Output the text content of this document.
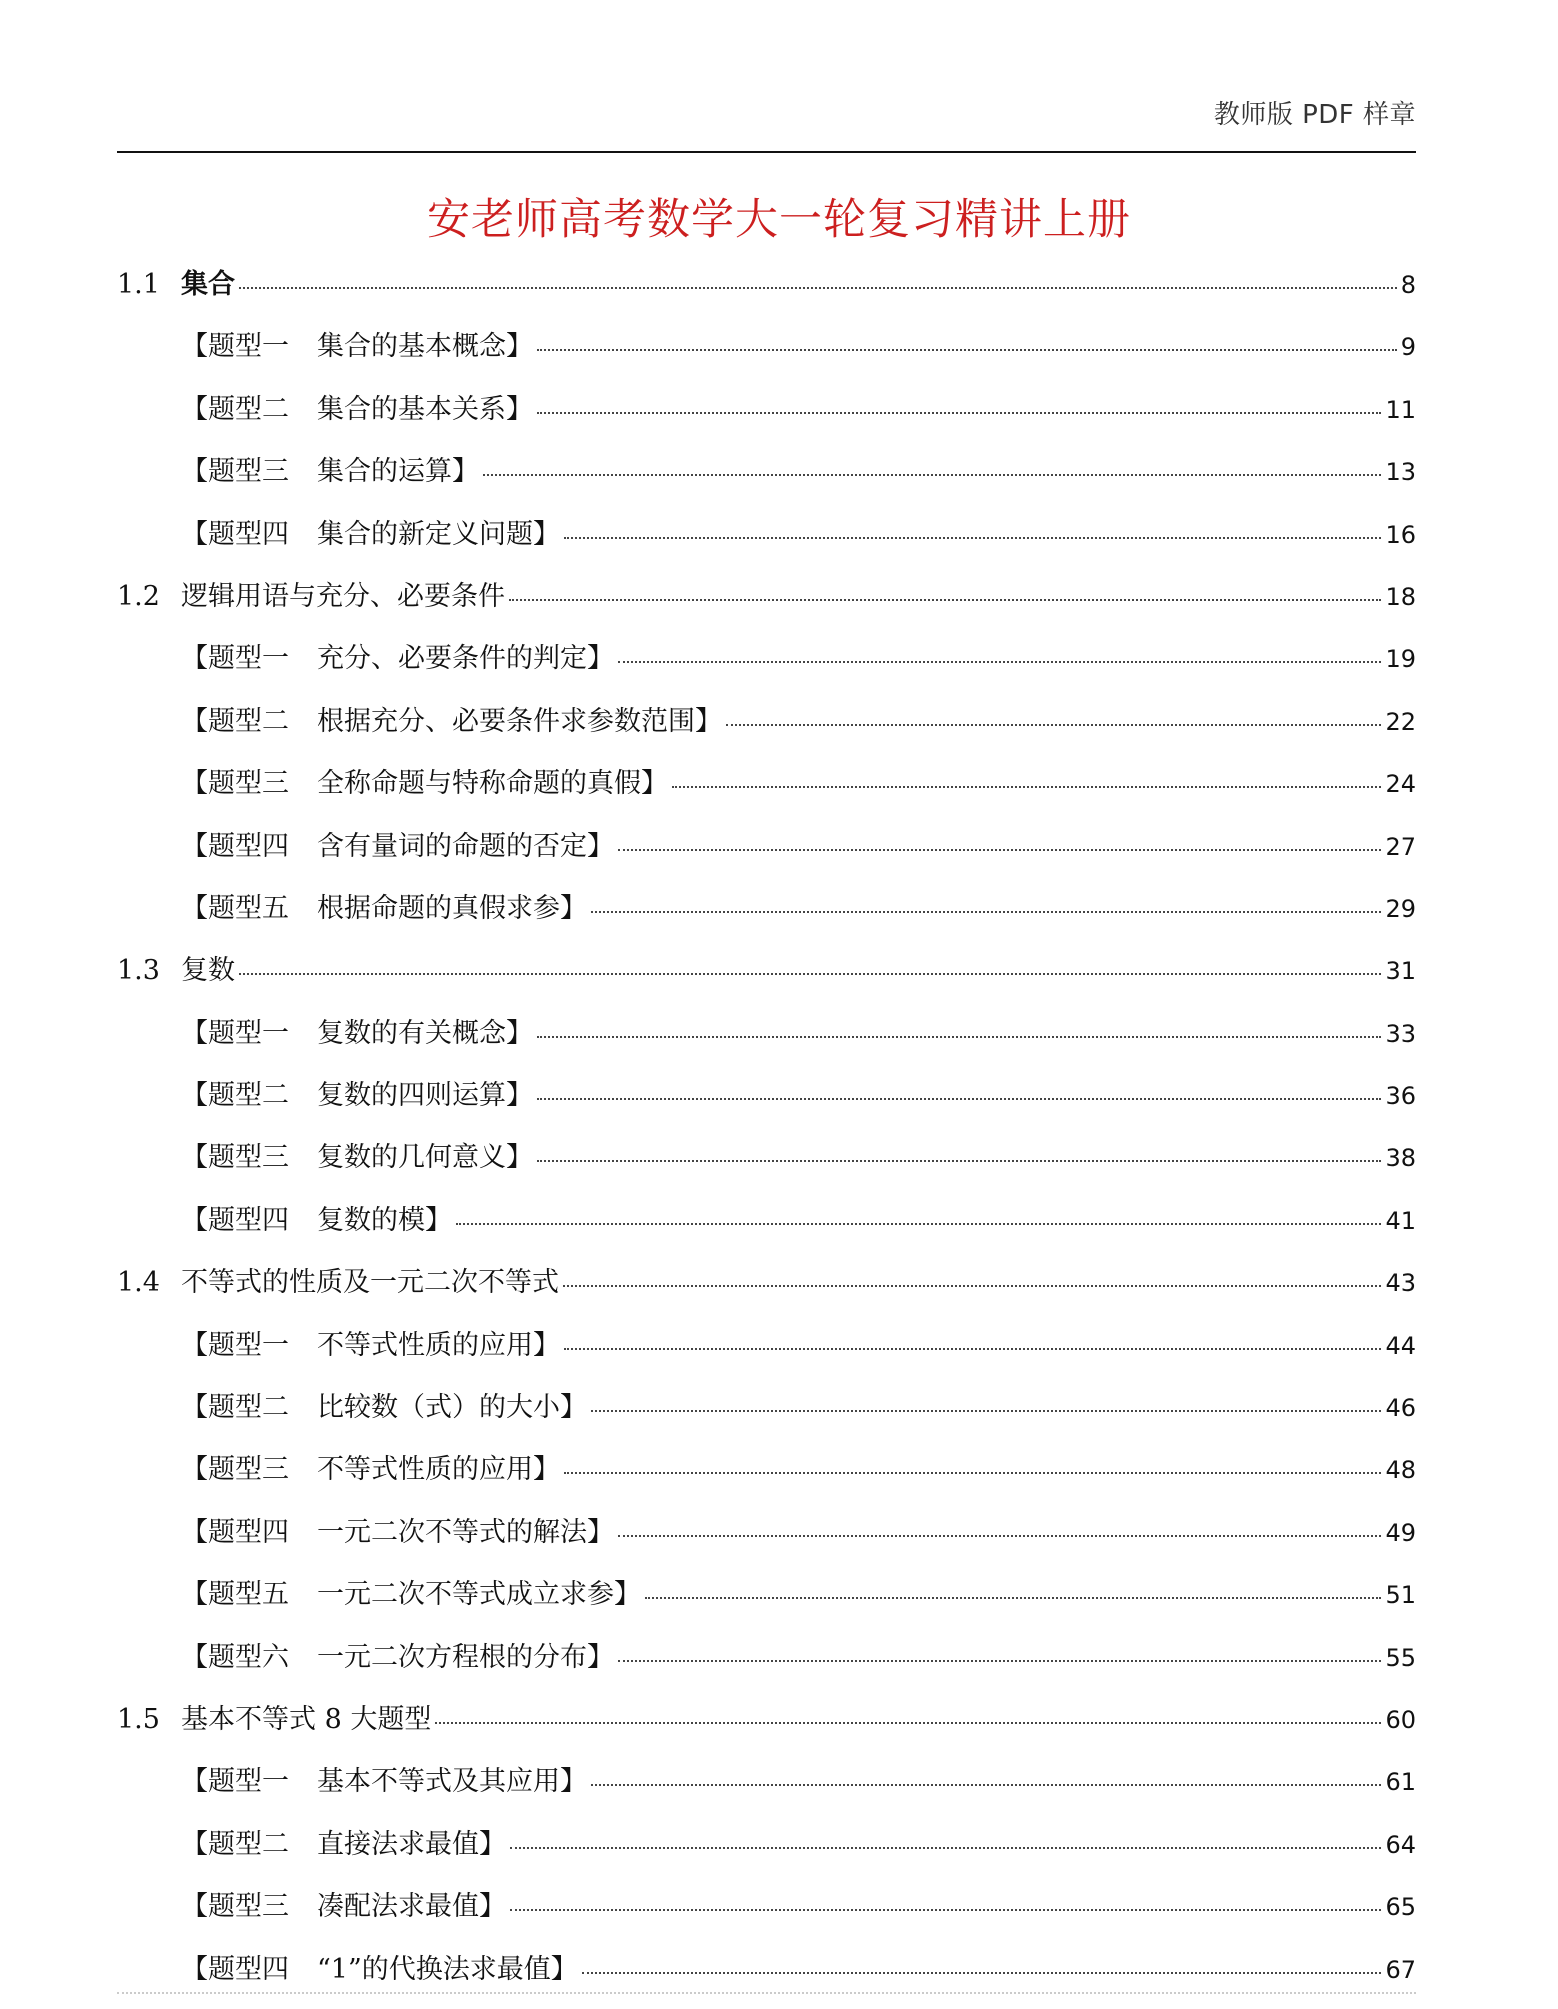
教师版 PDF 样章
安老师高考数学大一轮复习精讲上册
1.1 集合	8
【题型一 集合的基本概念】	9
【题型二 集合的基本关系】	11
【题型三 集合的运算】	13
【题型四 集合的新定义问题】	16
1.2 逻辑用语与充分、必要条件	18
【题型一 充分、必要条件的判定】	19
【题型二 根据充分、必要条件求参数范围】	22
【题型三 全称命题与特称命题的真假】	24
【题型四 含有量词的命题的否定】	27
【题型五 根据命题的真假求参】	29
1.3 复数	31
【题型一 复数的有关概念】	33
【题型二 复数的四则运算】	36
【题型三 复数的几何意义】	38
【题型四 复数的模】	41
1.4 不等式的性质及一元二次不等式	43
【题型一 不等式性质的应用】	44
【题型二 比较数（式）的大小】	46
【题型三 不等式性质的应用】	48
【题型四 一元二次不等式的解法】	49
【题型五 一元二次不等式成立求参】	51
【题型六 一元二次方程根的分布】	55
1.5 基本不等式 8 大题型	60
【题型一 基本不等式及其应用】	61
【题型二 直接法求最值】	64
【题型三 凑配法求最值】	65
【题型四 “1”的代换法求最值】	67
